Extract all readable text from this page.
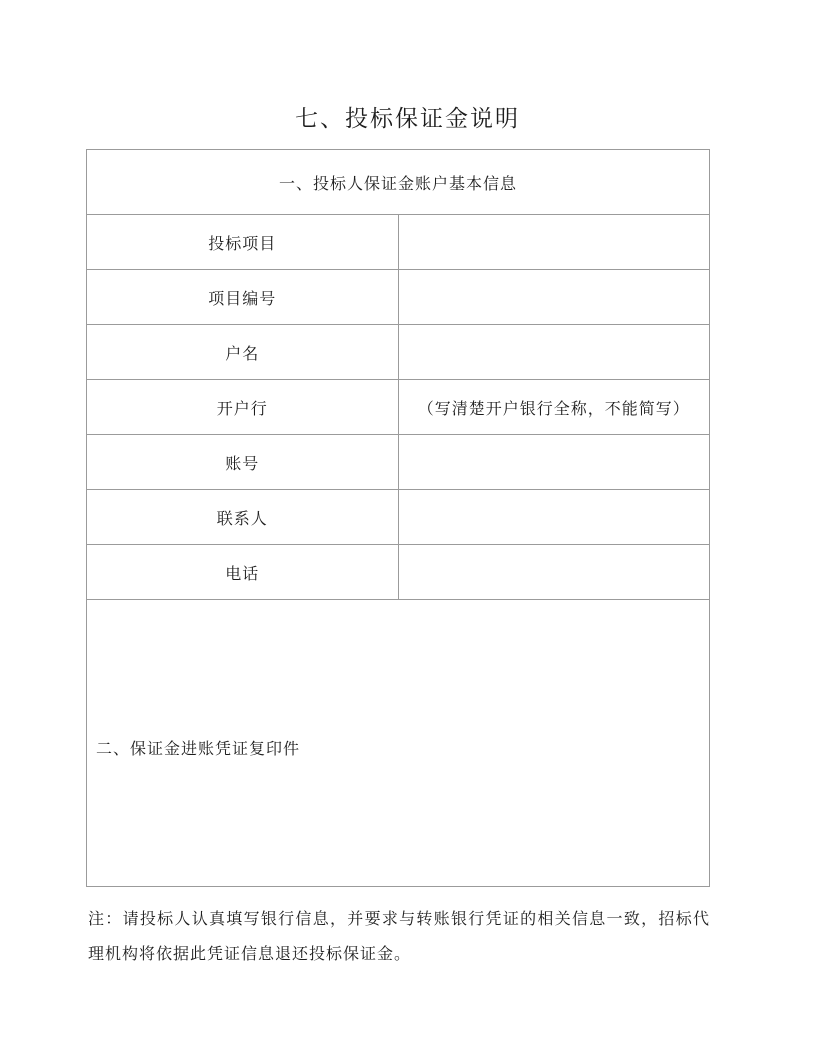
七、投标保证金说明
一、投标人保证金账户基本信息	
投标项目	
项目编号	
户名	
开户行	（写清楚开户银行全称，不能简写）
账号	
联系人	
电话	
二、保证金进账凭证复印件	
注：请投标人认真填写银行信息，并要求与转账银行凭证的相关信息一致，招标代理机构将依据此凭证信息退还投标保证金。
